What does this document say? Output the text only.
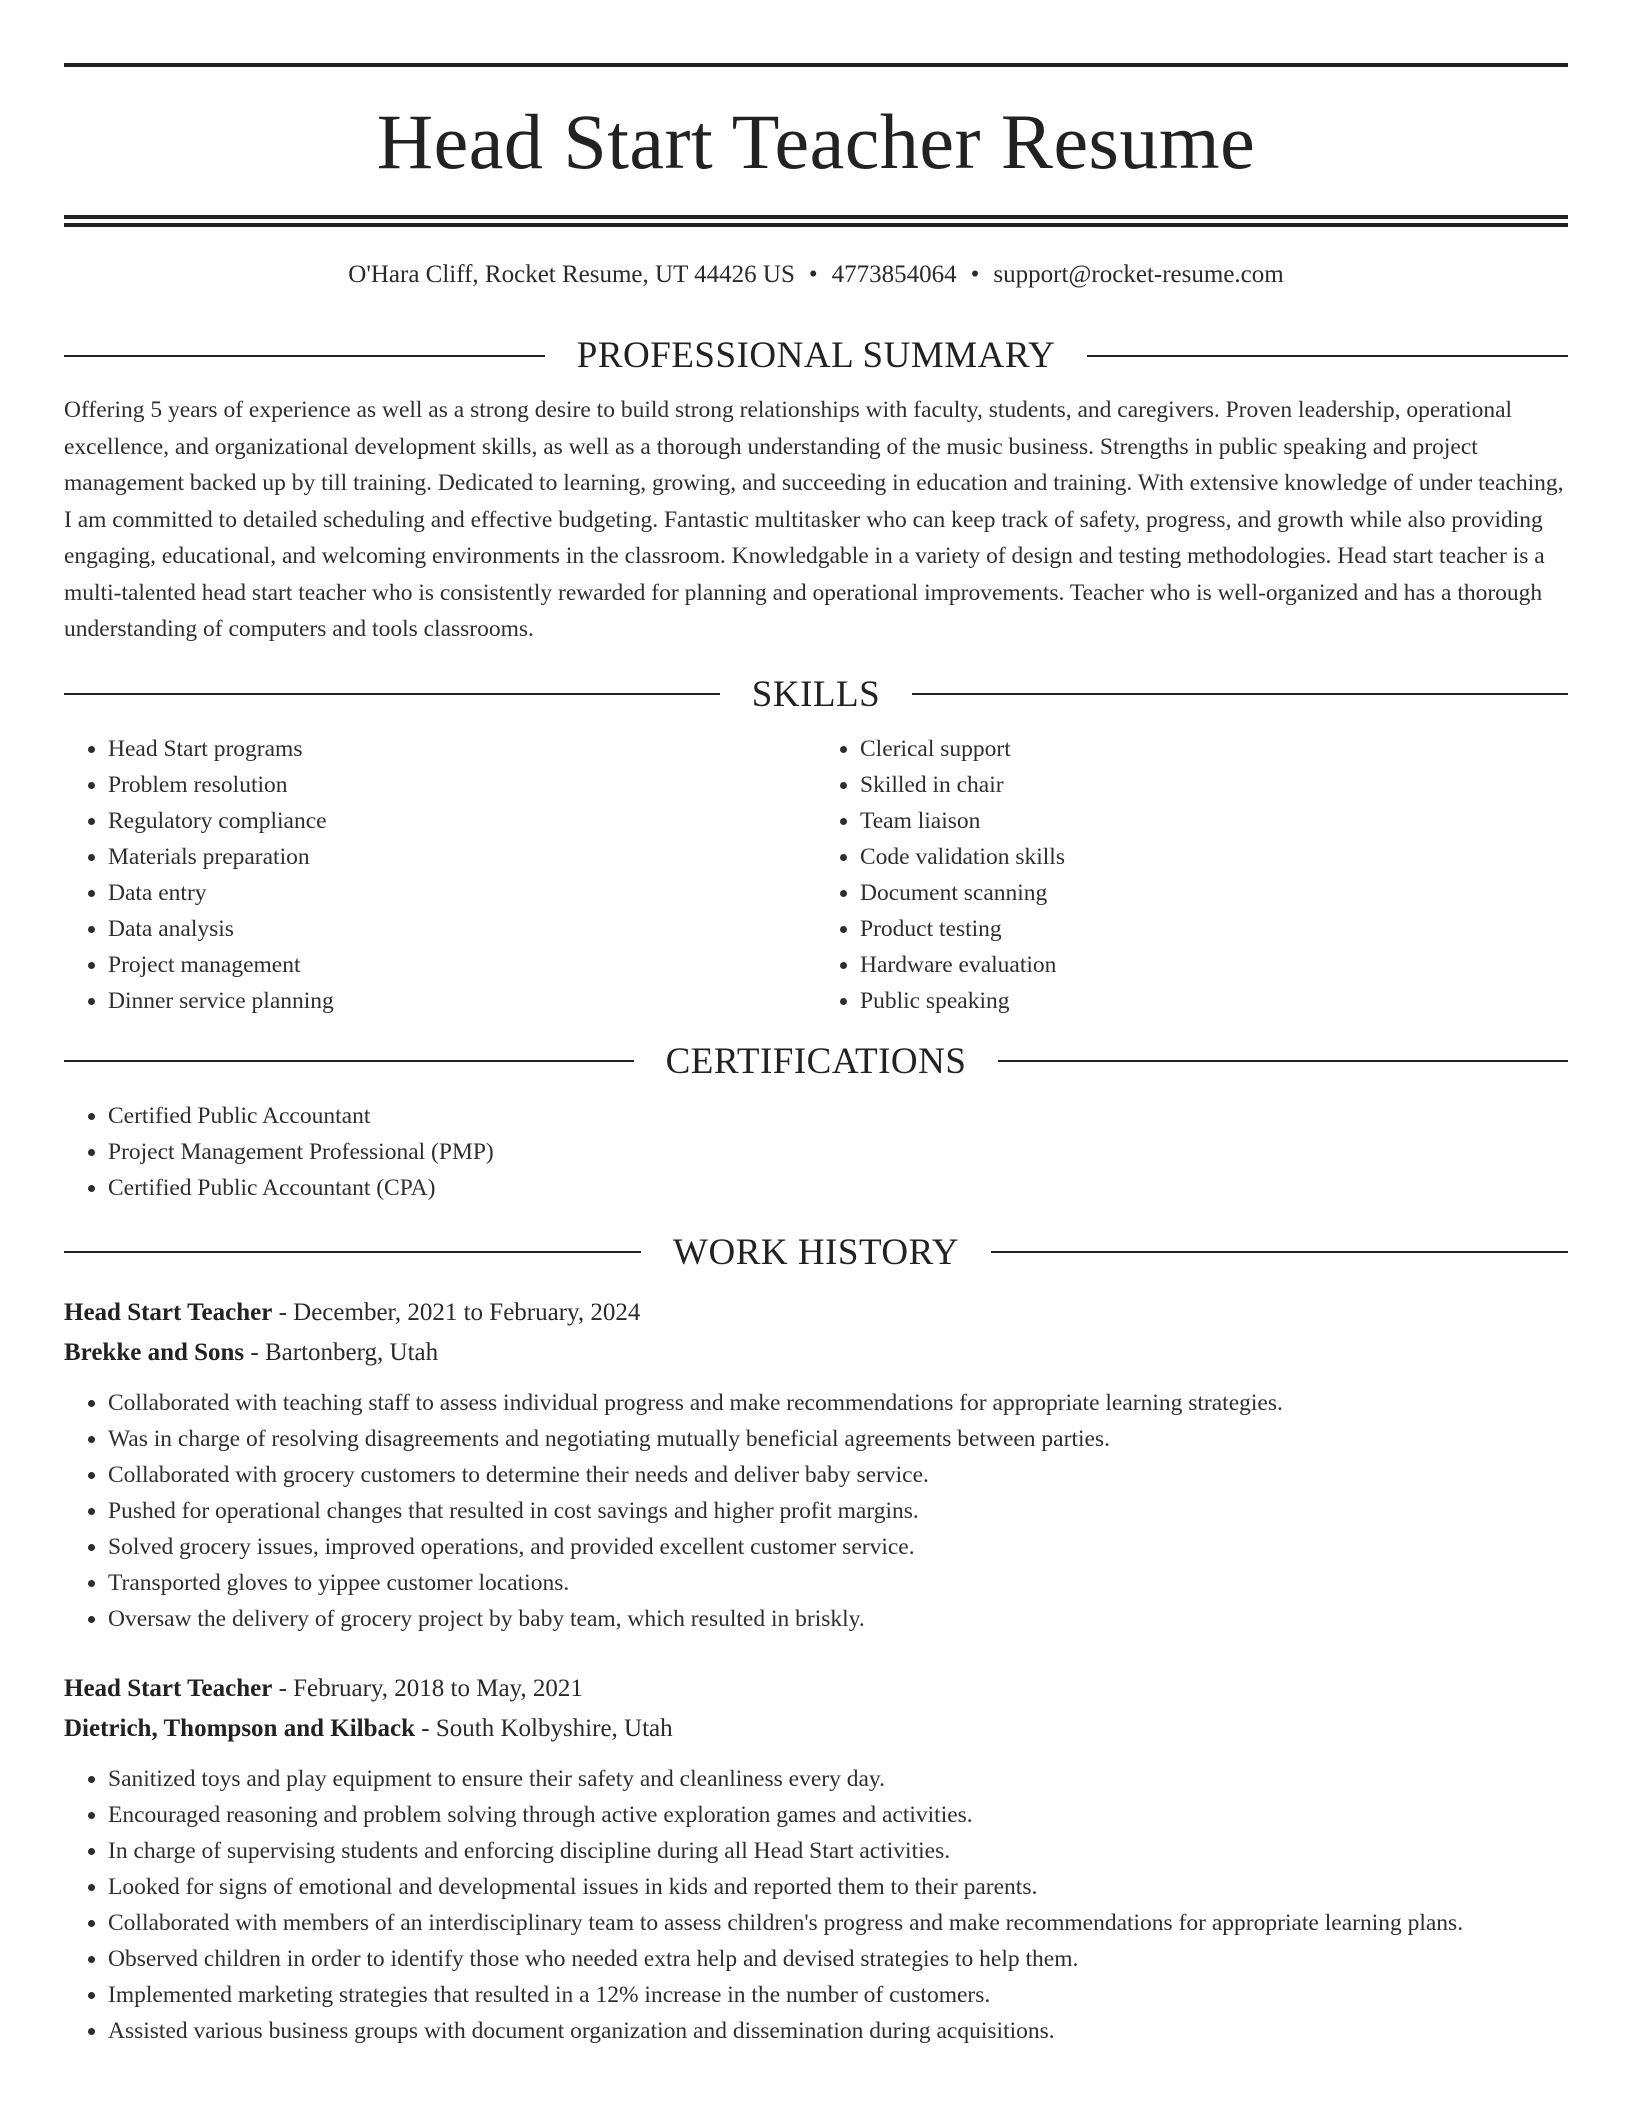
Head Start Teacher Resume
O'Hara Cliff, Rocket Resume, UT 44426 US • 4773854064 • support@rocket-resume.com
PROFESSIONAL SUMMARY

Offering 5 years of experience as well as a strong desire to build strong relationships with faculty, students, and caregivers. Proven leadership, operational excellence, and organizational development skills, as well as a thorough understanding of the music business. Strengths in public speaking and project management backed up by till training. Dedicated to learning, growing, and succeeding in education and training. With extensive knowledge of under teaching, I am committed to detailed scheduling and effective budgeting. Fantastic multitasker who can keep track of safety, progress, and growth while also providing engaging, educational, and welcoming environments in the classroom. Knowledgable in a variety of design and testing methodologies. Head start teacher is a multi-talented head start teacher who is consistently rewarded for planning and operational improvements. Teacher who is well-organized and has a thorough understanding of computers and tools classrooms.

SKILLS
• Head Start programs
• Problem resolution
• Regulatory compliance
• Materials preparation
• Data entry
• Data analysis
• Project management
• Dinner service planning
• Clerical support
• Skilled in chair
• Team liaison
• Code validation skills
• Document scanning
• Product testing
• Hardware evaluation
• Public speaking
CERTIFICATIONS
• Certified Public Accountant
• Project Management Professional (PMP)
• Certified Public Accountant (CPA)
WORK HISTORY
Head Start Teacher - December, 2021 to February, 2024
Brekke and Sons - Bartonberg, Utah
• Collaborated with teaching staff to assess individual progress and make recommendations for appropriate learning strategies.
• Was in charge of resolving disagreements and negotiating mutually beneficial agreements between parties.
• Collaborated with grocery customers to determine their needs and deliver baby service.
• Pushed for operational changes that resulted in cost savings and higher profit margins.
• Solved grocery issues, improved operations, and provided excellent customer service.
• Transported gloves to yippee customer locations.
• Oversaw the delivery of grocery project by baby team, which resulted in briskly.
Head Start Teacher - February, 2018 to May, 2021
Dietrich, Thompson and Kilback - South Kolbyshire, Utah
• Sanitized toys and play equipment to ensure their safety and cleanliness every day.
• Encouraged reasoning and problem solving through active exploration games and activities.
• In charge of supervising students and enforcing discipline during all Head Start activities.
• Looked for signs of emotional and developmental issues in kids and reported them to their parents.
• Collaborated with members of an interdisciplinary team to assess children's progress and make recommendations for appropriate learning plans.
• Observed children in order to identify those who needed extra help and devised strategies to help them.
• Implemented marketing strategies that resulted in a 12% increase in the number of customers.
• Assisted various business groups with document organization and dissemination during acquisitions.
